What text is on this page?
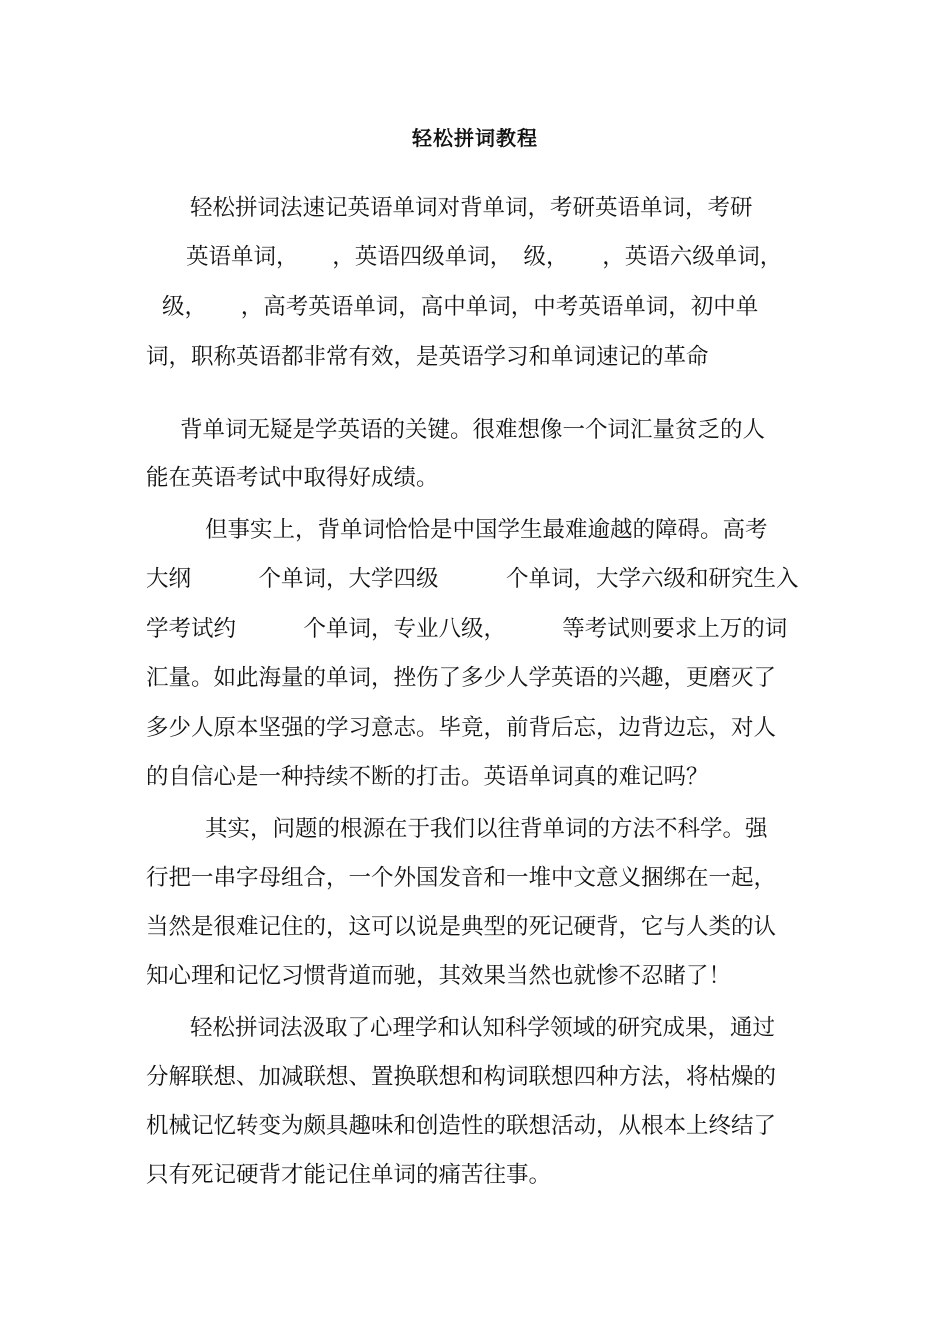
轻松拼词教程
轻松拼词法速记英语单词对背单词，考研英语单词，考研
英语单词，　　，英语四级单词，　级，　　，英语六级单词，
级，　　，高考英语单词，高中单词，中考英语单词，初中单
词，职称英语都非常有效，是英语学习和单词速记的革命
背单词无疑是学英语的关键。很难想像一个词汇量贫乏的人
能在英语考试中取得好成绩。
但事实上，背单词恰恰是中国学生最难逾越的障碍。高考
大纲　　　个单词，大学四级　　　个单词，大学六级和研究生入
学考试约　　　个单词，专业八级，　　　等考试则要求上万的词
汇量。如此海量的单词，挫伤了多少人学英语的兴趣，更磨灭了
多少人原本坚强的学习意志。毕竟，前背后忘，边背边忘，对人
的自信心是一种持续不断的打击。英语单词真的难记吗？
其实，问题的根源在于我们以往背单词的方法不科学。强
行把一串字母组合，一个外国发音和一堆中文意义捆绑在一起，
当然是很难记住的，这可以说是典型的死记硬背，它与人类的认
知心理和记忆习惯背道而驰，其效果当然也就惨不忍睹了！
轻松拼词法汲取了心理学和认知科学领域的研究成果，通过
分解联想、加减联想、置换联想和构词联想四种方法，将枯燥的
机械记忆转变为颇具趣味和创造性的联想活动，从根本上终结了
只有死记硬背才能记住单词的痛苦往事。
